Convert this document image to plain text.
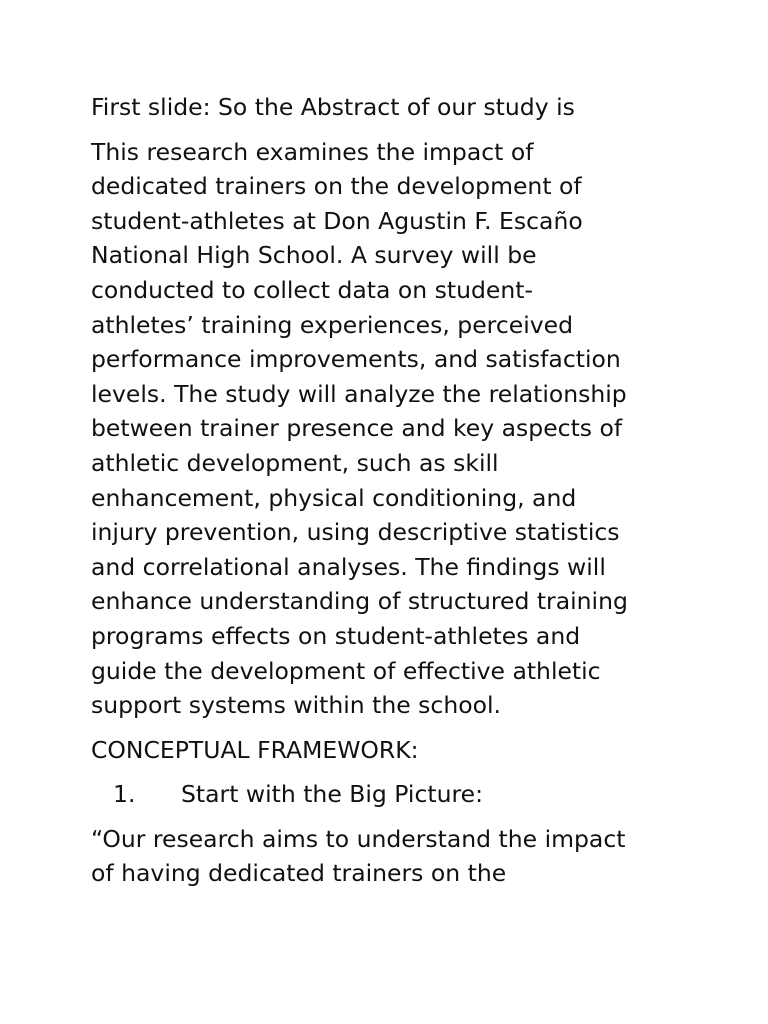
First slide: So the Abstract of our study is

This research examines the impact of
dedicated trainers on the development of
student-athletes at Don Agustin F. Escaño
National High School. A survey will be
conducted to collect data on student-
athletes’ training experiences, perceived
performance improvements, and satisfaction
levels. The study will analyze the relationship
between trainer presence and key aspects of
athletic development, such as skill
enhancement, physical conditioning, and
injury prevention, using descriptive statistics
and correlational analyses. The findings will
enhance understanding of structured training
programs effects on student-athletes and
guide the development of effective athletic
support systems within the school.

CONCEPTUAL FRAMEWORK:

1.	Start with the Big Picture:

“Our research aims to understand the impact
of having dedicated trainers on the
